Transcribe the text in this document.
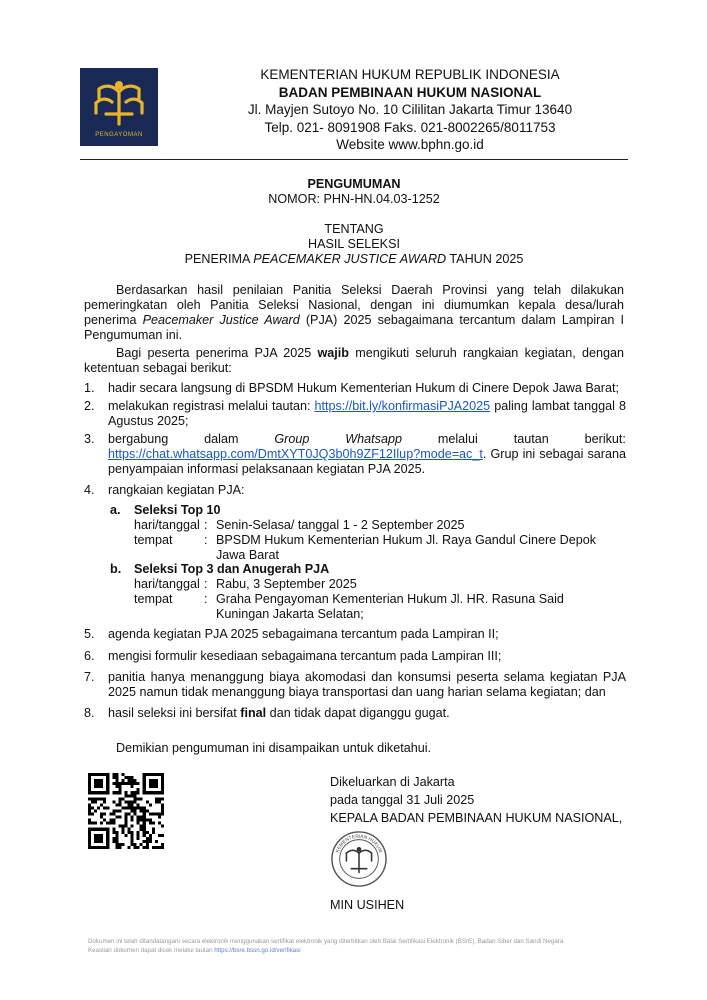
PENGAYOMAN
KEMENTERIAN HUKUM REPUBLIK INDONESIA
BADAN PEMBINAAN HUKUM NASIONAL
Jl. Mayjen Sutoyo No. 10 Cililitan Jakarta Timur 13640
Telp. 021- 8091908 Faks. 021-8002265/8011753
Website www.bphn.go.id
PENGUMUMAN
NOMOR: PHN-HN.04.03-1252
TENTANG
HASIL SELEKSI
PENERIMA PEACEMAKER JUSTICE AWARD TAHUN 2025
Berdasarkan hasil penilaian Panitia Seleksi Daerah Provinsi yang telah dilakukan pemeringkatan oleh Panitia Seleksi Nasional, dengan ini diumumkan kepala desa/lurah penerima Peacemaker Justice Award (PJA) 2025 sebagaimana tercantum dalam Lampiran I Pengumuman ini.
Bagi peserta penerima PJA 2025 wajib mengikuti seluruh rangkaian kegiatan, dengan ketentuan sebagai berikut:
1.	hadir secara langsung di BPSDM Hukum Kementerian Hukum di Cinere Depok Jawa Barat;
2.	melakukan registrasi melalui tautan: https://bit.ly/konfirmasiPJA2025 paling lambat tanggal 8 Agustus 2025;
3.	bergabung	dalam	Group	Whatsapp	melalui	tautan	berikut:
https://chat.whatsapp.com/DmtXYT0JQ3b0h9ZF12Ilup?mode=ac_t. Grup ini sebagai sarana penyampaian informasi pelaksanaan kegiatan PJA 2025.
4.	rangkaian kegiatan PJA:
a. Seleksi Top 10
hari/tanggal : Senin-Selasa/ tanggal 1 - 2 September 2025
tempat	: BPSDM Hukum Kementerian Hukum Jl. Raya Gandul Cinere Depok Jawa Barat
b. Seleksi Top 3 dan Anugerah PJA
hari/tanggal : Rabu, 3 September 2025
tempat	: Graha Pengayoman Kementerian Hukum Jl. HR. Rasuna Said Kuningan Jakarta Selatan;
5.	agenda kegiatan PJA 2025 sebagaimana tercantum pada Lampiran II;
6.	mengisi formulir kesediaan sebagaimana tercantum pada Lampiran III;
7.	panitia hanya menanggung biaya akomodasi dan konsumsi peserta selama kegiatan PJA 2025 namun tidak menanggung biaya transportasi dan uang harian selama kegiatan; dan
8.	hasil seleksi ini bersifat final dan tidak dapat diganggu gugat.
Demikian pengumuman ini disampaikan untuk diketahui.
Dikeluarkan di Jakarta
pada tanggal 31 Juli 2025
KEPALA BADAN PEMBINAAN HUKUM NASIONAL,
KEMENTERIAN HUKUM
MIN USIHEN
Dokumen ini telah ditandatangani secara elektronik menggunakan sertifikat elektronik yang diterbitkan oleh Balai Sertifikasi Elektronik (BSrE), Badan Siber dan Sandi Negara
Keaslian dokumen dapat dicek melalui tautan https://bsre.bssn.go.id/verifikasi
